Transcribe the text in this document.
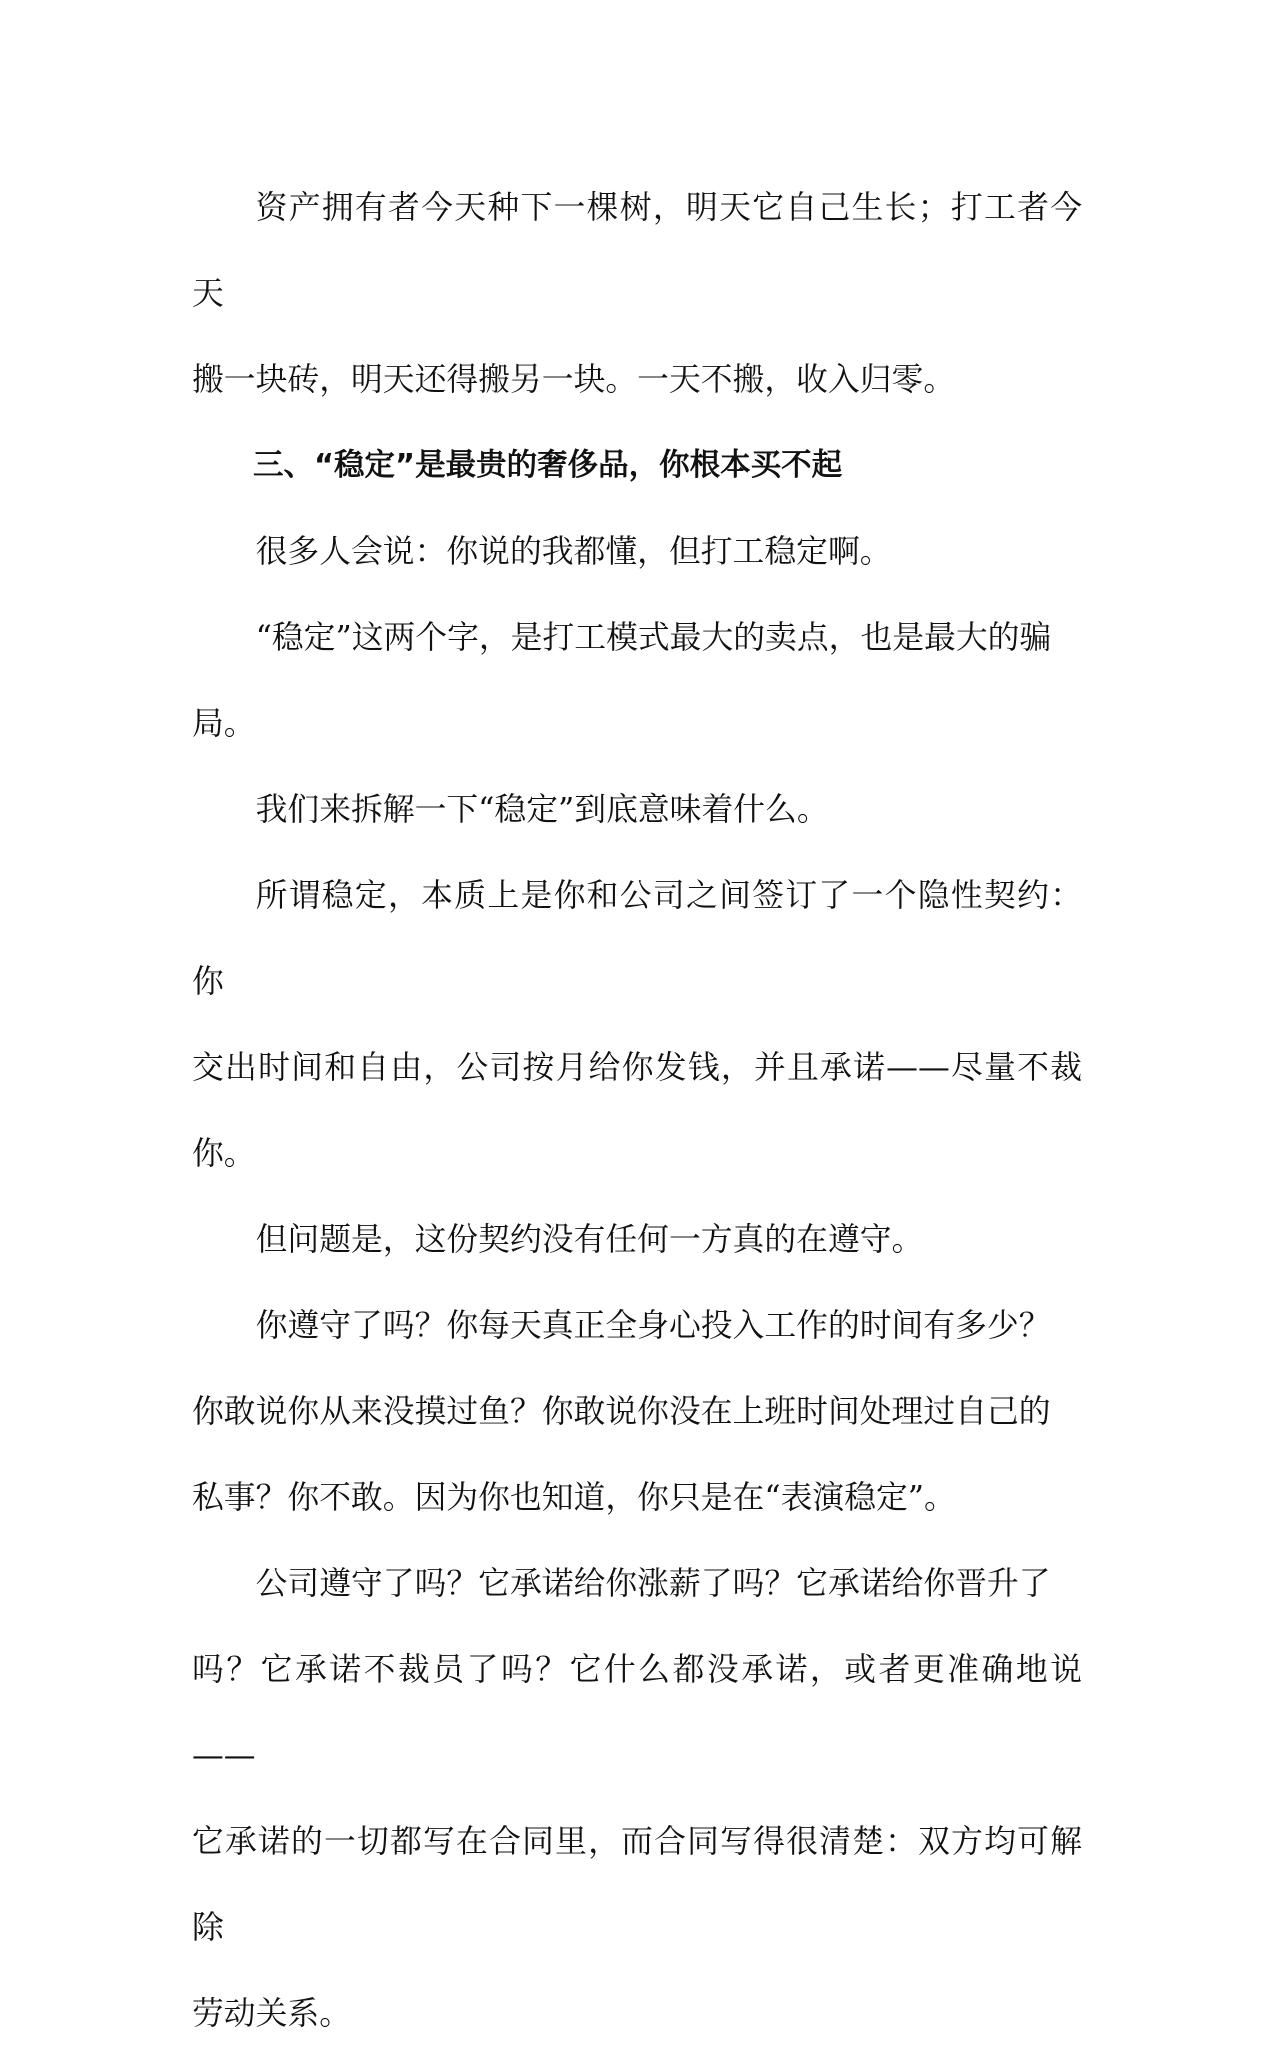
资产拥有者今天种下一棵树，明天它自己生长；打工者今天
搬一块砖，明天还得搬另一块。一天不搬，收入归零。

三、“稳定”是最贵的奢侈品，你根本买不起

很多人会说：你说的我都懂，但打工稳定啊。

“稳定”这两个字，是打工模式最大的卖点，也是最大的骗
局。

我们来拆解一下“稳定”到底意味着什么。

所谓稳定，本质上是你和公司之间签订了一个隐性契约：你
交出时间和自由，公司按月给你发钱，并且承诺——尽量不裁你。

但问题是，这份契约没有任何一方真的在遵守。

你遵守了吗？你每天真正全身心投入工作的时间有多少？
你敢说你从来没摸过鱼？你敢说你没在上班时间处理过自己的
私事？你不敢。因为你也知道，你只是在“表演稳定”。

公司遵守了吗？它承诺给你涨薪了吗？它承诺给你晋升了
吗？它承诺不裁员了吗？它什么都没承诺，或者更准确地说——
它承诺的一切都写在合同里，而合同写得很清楚：双方均可解除
劳动关系。
